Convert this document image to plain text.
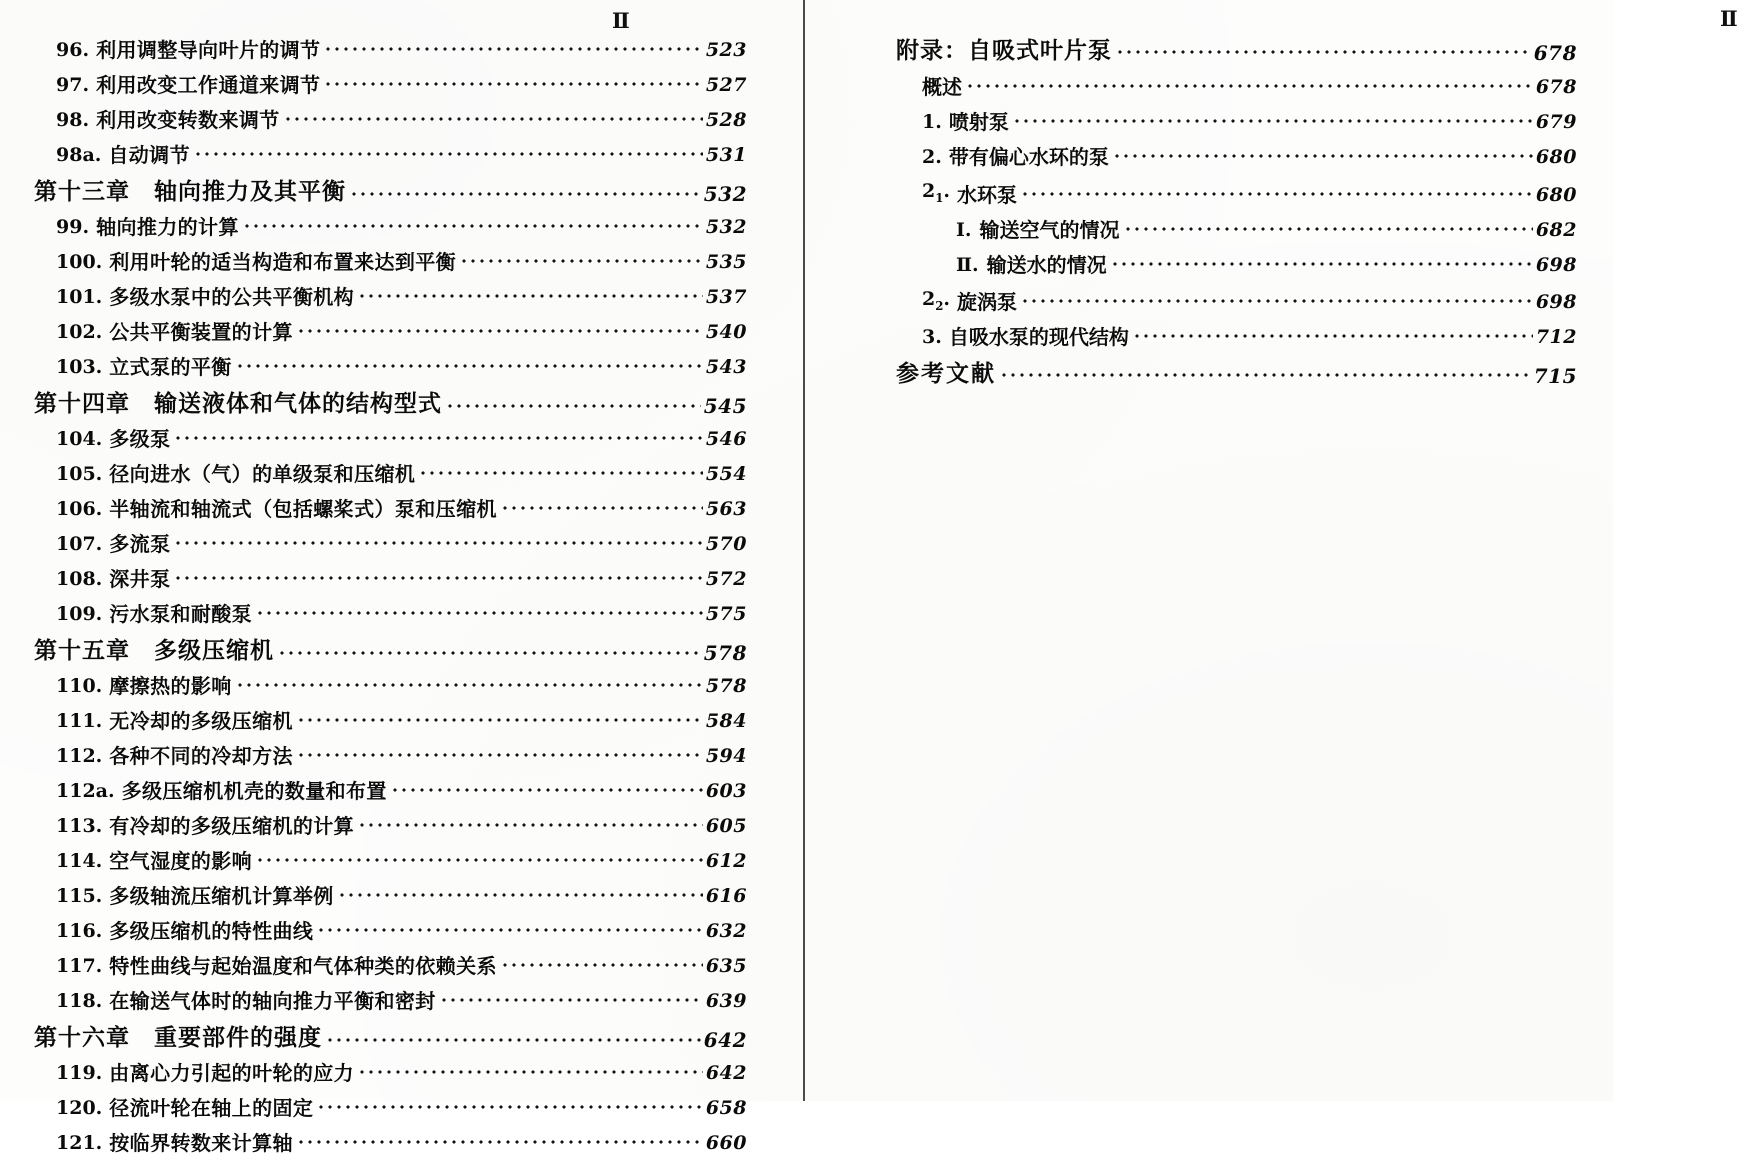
Ⅱ
96. 利用调整导向叶片的调节	523
97. 利用改变工作通道来调节	527
98. 利用改变转数来调节	528
98a. 自动调节	531
第十三章　轴向推力及其平衡	532
99. 轴向推力的计算	532
100. 利用叶轮的适当构造和布置来达到平衡	535
101. 多级水泵中的公共平衡机构	537
102. 公共平衡装置的计算	540
103. 立式泵的平衡	543
第十四章　输送液体和气体的结构型式	545
104. 多级泵	546
105. 径向进水（气）的单级泵和压缩机	554
106. 半轴流和轴流式（包括螺桨式）泵和压缩机	563
107. 多流泵	570
108. 深井泵	572
109. 污水泵和耐酸泵	575
第十五章　多级压缩机	578
110. 摩擦热的影响	578
111. 无冷却的多级压缩机	584
112. 各种不同的冷却方法	594
112a. 多级压缩机机壳的数量和布置	603
113. 有冷却的多级压缩机的计算	605
114. 空气湿度的影响	612
115. 多级轴流压缩机计算举例	616
116. 多级压缩机的特性曲线	632
117. 特性曲线与起始温度和气体种类的依赖关系	635
118. 在输送气体时的轴向推力平衡和密封	639
第十六章　重要部件的强度	642
119. 由离心力引起的叶轮的应力	642
120. 径流叶轮在轴上的固定	658
121. 按临界转数来计算轴	660
Ⅱ
附录：自吸式叶片泵	678
概述	678
1. 喷射泵	679
2. 带有偏心水环的泵	680
$2_1$. 水环泵	680
Ⅰ. 输送空气的情况	682
Ⅱ. 输送水的情况	698
$2_2$. 旋涡泵	698
3. 自吸水泵的现代结构	712
参考文献	715
